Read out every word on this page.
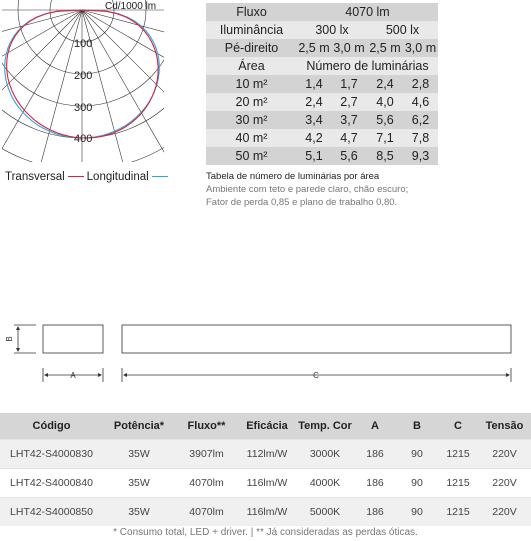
100
200
300
400
Cd/1000 lm
Transversal Longitudinal
Fluxo	4070 lm			
Iluminância	300 lx		500 lx	
Pé-direito	2,5 m	3,0 m	2,5 m	3,0 m
Área	Número de luminárias			
10 m²	1,4	1,7	2,4	2,8
20 m²	2,4	2,7	4,0	4,6
30 m²	3,4	3,7	5,6	6,2
40 m²	4,2	4,7	7,1	7,8
50 m²	5,1	5,6	8,5	9,3
Tabela de número de luminárias por área
Ambiente com teto e parede claro, chão escuro;
Fator de perda 0,85 e plano de trabalho 0,80.
B
A	C
Código	Potência*	Fluxo**	Eficácia	Temp. Cor	A	B	C	Tensão
LHT42-S4000830	35W	3907lm	112lm/W	3000K	186	90	1215	220V
LHT42-S4000840	35W	4070lm	116lm/W	4000K	186	90	1215	220V
LHT42-S4000850	35W	4070lm	116lm/W	5000K	186	90	1215	220V
* Consumo total, LED + driver. | ** Já consideradas as perdas óticas.
